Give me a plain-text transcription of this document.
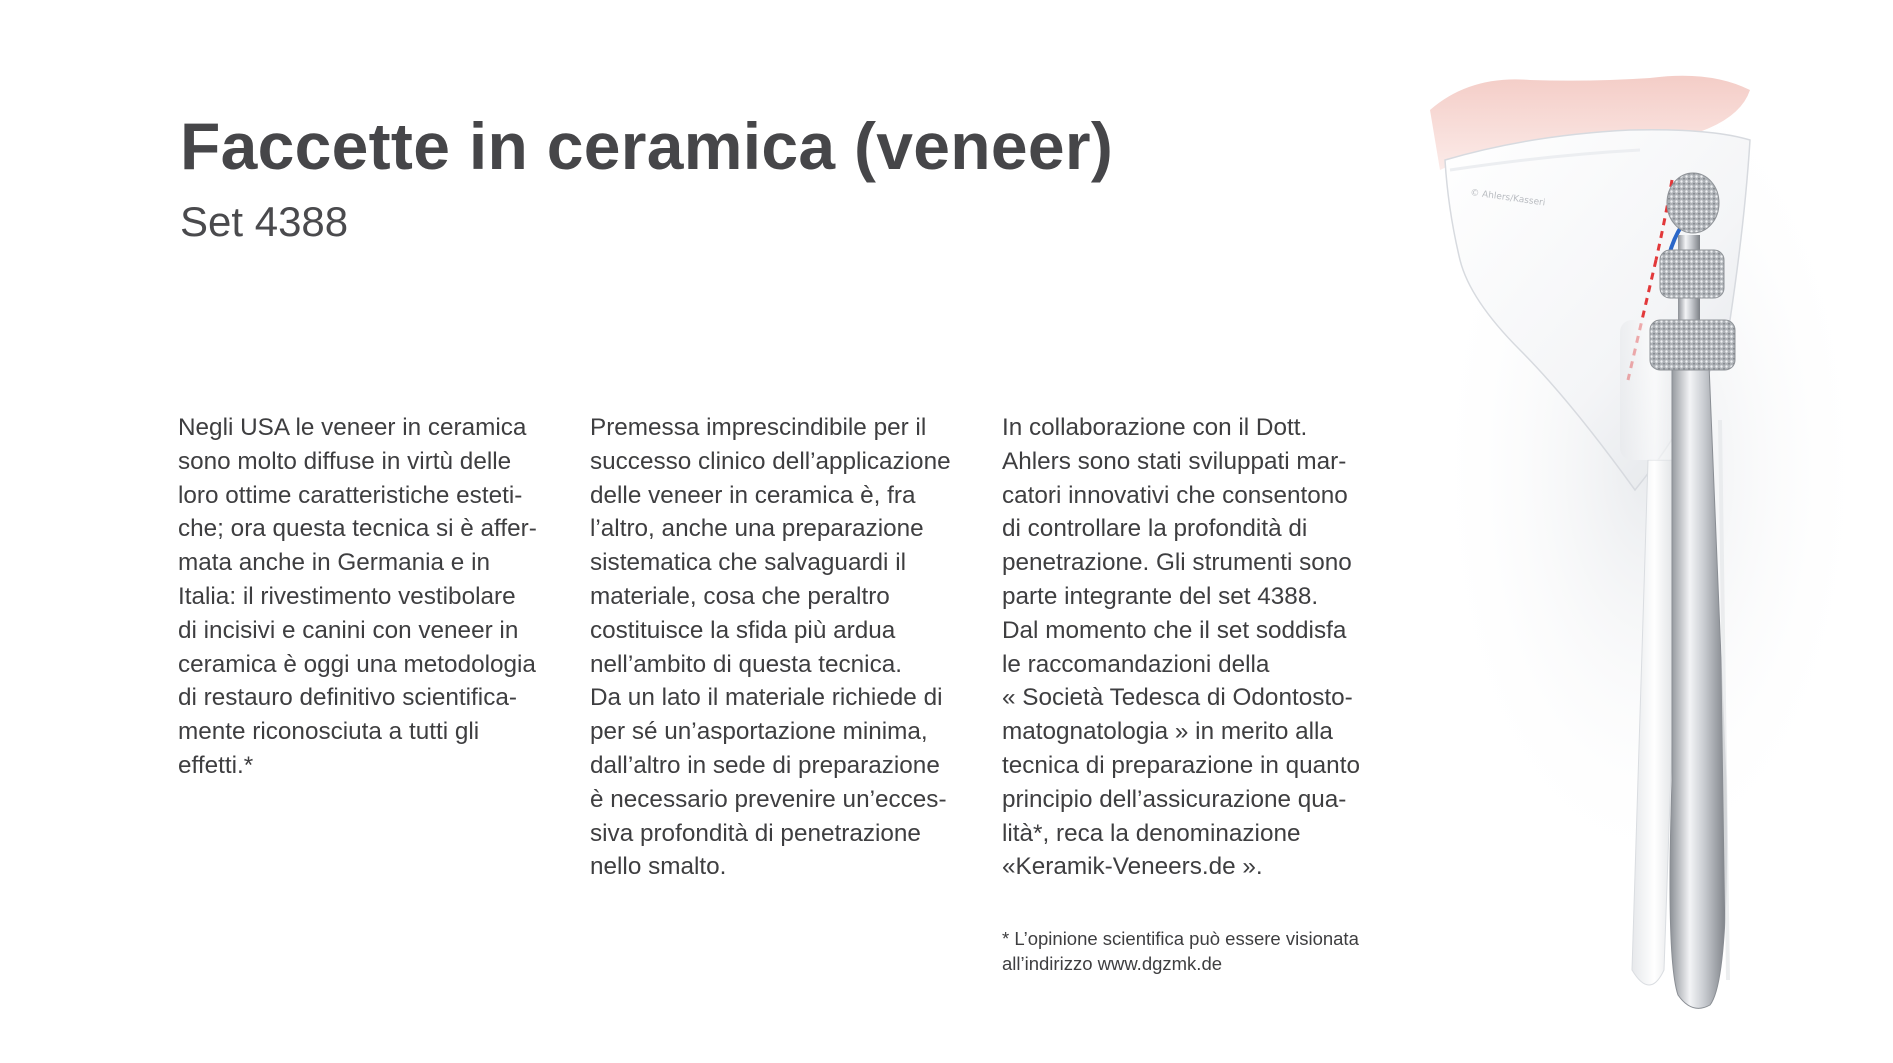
Faccette in ceramica (veneer)
Set 4388
Negli USA le veneer in ceramica
sono molto diffuse in virtù delle
loro ottime caratteristiche esteti-
che; ora questa tecnica si è affer-
mata anche in Germania e in
Italia: il rivestimento vestibolare
di incisivi e canini con veneer in
ceramica è oggi una metodologia
di restauro definitivo scientifica-
mente riconosciuta a tutti gli
effetti.*
Premessa imprescindibile per il
successo clinico dell’applicazione
delle veneer in ceramica è, fra
l’altro, anche una preparazione
sistematica che salvaguardi il
materiale, cosa che peraltro
costituisce la sfida più ardua
nell’ambito di questa tecnica.
Da un lato il materiale richiede di
per sé un’asportazione minima,
dall’altro in sede di preparazione
è necessario prevenire un’ecces-
siva profondità di penetrazione
nello smalto.
In collaborazione con il Dott.
Ahlers sono stati sviluppati mar-
catori innovativi che consentono
di controllare la profondità di
penetrazione. Gli strumenti sono
parte integrante del set 4388.
Dal momento che il set soddisfa
le raccomandazioni della
« Società Tedesca di Odontosto-
matognatologia » in merito alla
tecnica di preparazione in quanto
principio dell’assicurazione qua-
lità*, reca la denominazione
«Keramik-Veneers.de ».
* L’opinione scientifica può essere visionata
all’indirizzo www.dgzmk.de
© Ahlers/Kasseri
